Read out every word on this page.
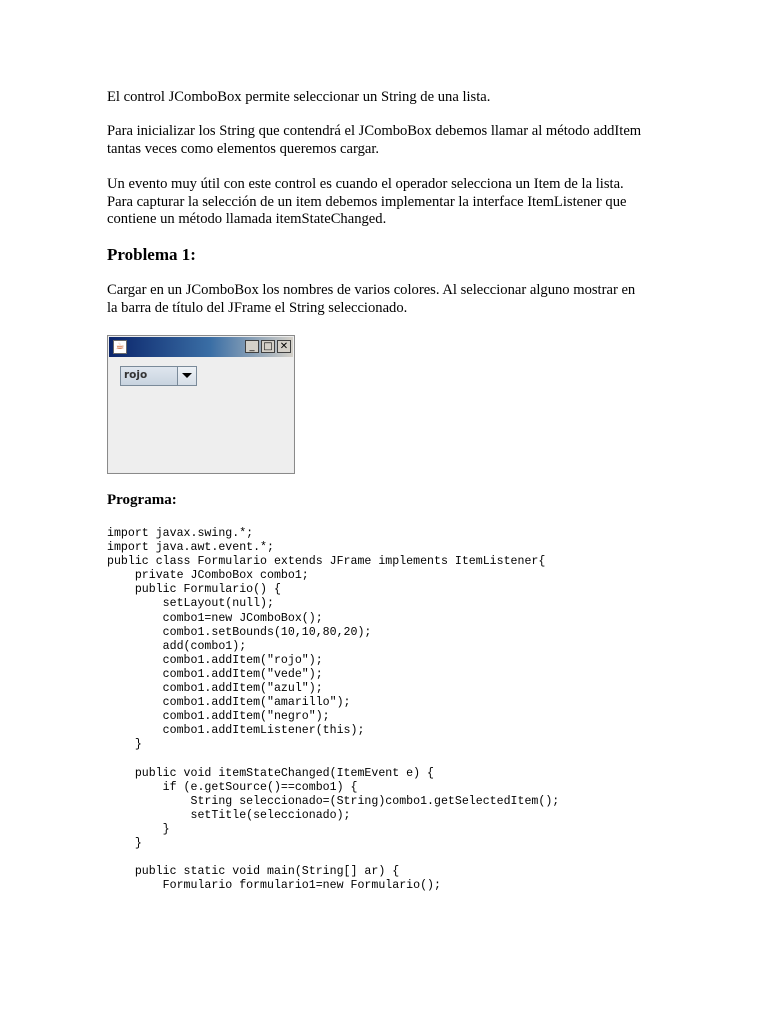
El control JComboBox permite seleccionar un String de una lista.

Para inicializar los String que contendrá el JComboBox debemos llamar al método addItem
tantas veces como elementos queremos cargar.

Un evento muy útil con este control es cuando el operador selecciona un Item de la lista.
Para capturar la selección de un item debemos implementar la interface ItemListener que
contiene un método llamada itemStateChanged.

Problema 1:

Cargar en un JComboBox los nombres de varios colores. Al seleccionar alguno mostrar en
la barra de título del JFrame el String seleccionado.

☕	_ □ ✕
rojo
Programa:
import javax.swing.*;
import java.awt.event.*;
public class Formulario extends JFrame implements ItemListener{
private JComboBox combo1;
public Formulario() {
setLayout(null);
combo1=new JComboBox();
combo1.setBounds(10,10,80,20);
add(combo1);
combo1.addItem("rojo");
combo1.addItem("vede");
combo1.addItem("azul");
combo1.addItem("amarillo");
combo1.addItem("negro");
combo1.addItemListener(this);
}
public void itemStateChanged(ItemEvent e) {
if (e.getSource()==combo1) {
String seleccionado=(String)combo1.getSelectedItem();
setTitle(seleccionado);
}
}
public static void main(String[] ar) {
Formulario formulario1=new Formulario();
